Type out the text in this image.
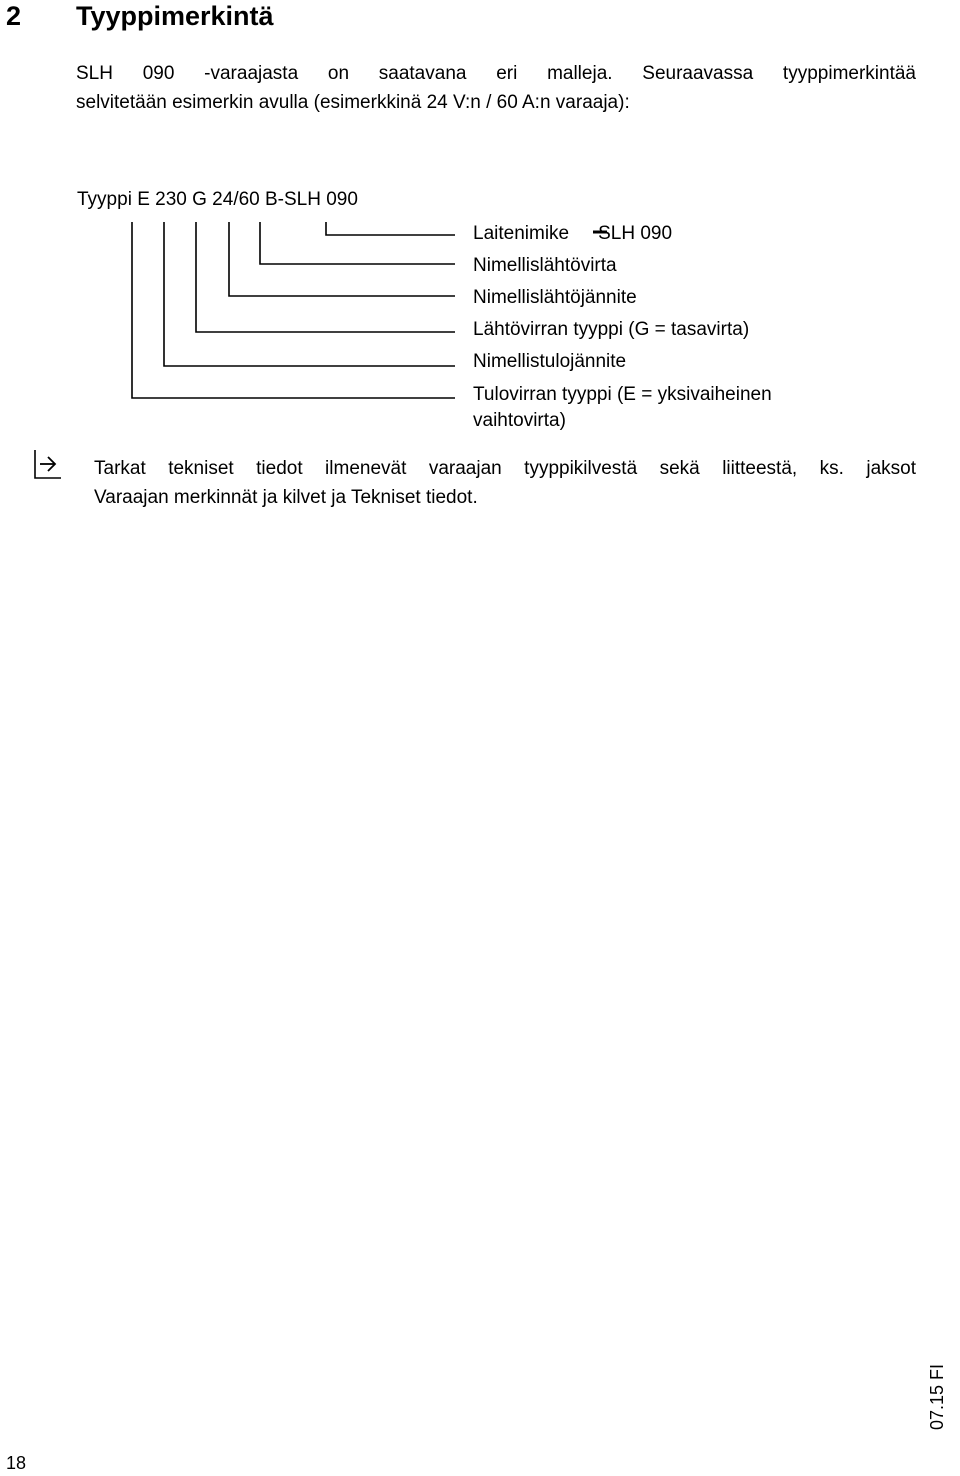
2 Tyyppimerkintä
SLH 090 -varaajasta on saatavana eri malleja. Seuraavassa tyyppimerkintää
selvitetään esimerkin avulla (esimerkkinä 24 V:n / 60 A:n varaaja):
Tyyppi E 230 G 24/60 B-SLH 090
Laitenimike SLH 090
Nimellislähtövirta
Nimellislähtöjännite
Lähtövirran tyyppi (G = tasavirta)
Nimellistulojännite
Tulovirran tyyppi (E = yksivaiheinen
vaihtovirta)
Tarkat tekniset tiedot ilmenevät varaajan tyyppikilvestä sekä liitteestä, ks. jaksot
Varaajan merkinnät ja kilvet ja Tekniset tiedot.
07.15 FI
18
